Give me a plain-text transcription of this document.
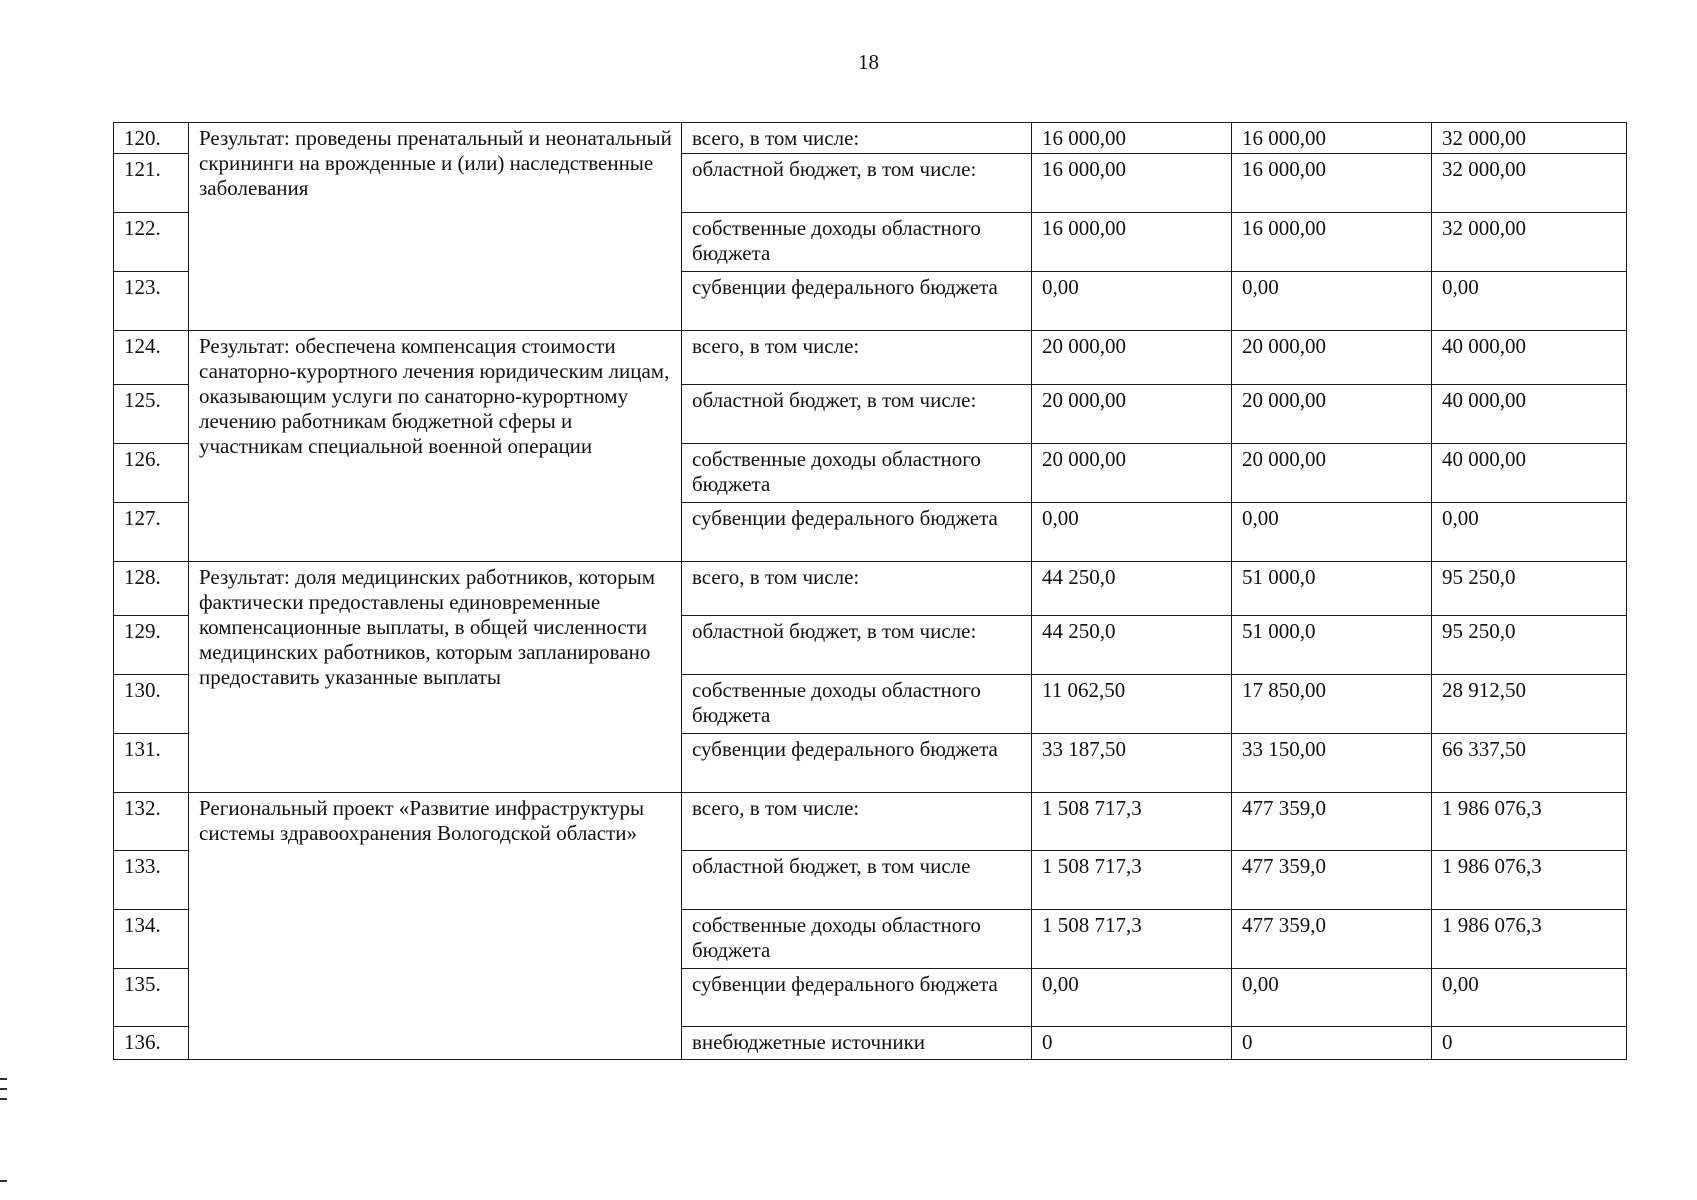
18
120.	Результат: проведены пренатальный и неонатальный скрининги на врожденные и (или) наследственные заболевания	всего, в том числе:	16 000,00	16 000,00	32 000,00
121.		областной бюджет, в том числе:	16 000,00	16 000,00	32 000,00
122.		собственные доходы областного бюджета	16 000,00	16 000,00	32 000,00
123.		субвенции федерального бюджета	0,00	0,00	0,00
124.	Результат: обеспечена компенсация стоимости санаторно-курортного лечения юридическим лицам, оказывающим услуги по санаторно-курортному лечению работникам бюджетной сферы и участникам специальной военной операции	всего, в том числе:	20 000,00	20 000,00	40 000,00
125.		областной бюджет, в том числе:	20 000,00	20 000,00	40 000,00
126.		собственные доходы областного бюджета	20 000,00	20 000,00	40 000,00
127.		субвенции федерального бюджета	0,00	0,00	0,00
128.	Результат: доля медицинских работников, которым фактически предоставлены единовременные компенсационные выплаты, в общей численности медицинских работников, которым запланировано предоставить указанные выплаты	всего, в том числе:	44 250,0	51 000,0	95 250,0
129.		областной бюджет, в том числе:	44 250,0	51 000,0	95 250,0
130.		собственные доходы областного бюджета	11 062,50	17 850,00	28 912,50
131.		субвенции федерального бюджета	33 187,50	33 150,00	66 337,50
132.	Региональный проект «Развитие инфраструктуры системы здравоохранения Вологодской области»	всего, в том числе:	1 508 717,3	477 359,0	1 986 076,3
133.		областной бюджет, в том числе	1 508 717,3	477 359,0	1 986 076,3
134.		собственные доходы областного бюджета	1 508 717,3	477 359,0	1 986 076,3
135.		субвенции федерального бюджета	0,00	0,00	0,00
136.		внебюджетные источники	0	0	0
